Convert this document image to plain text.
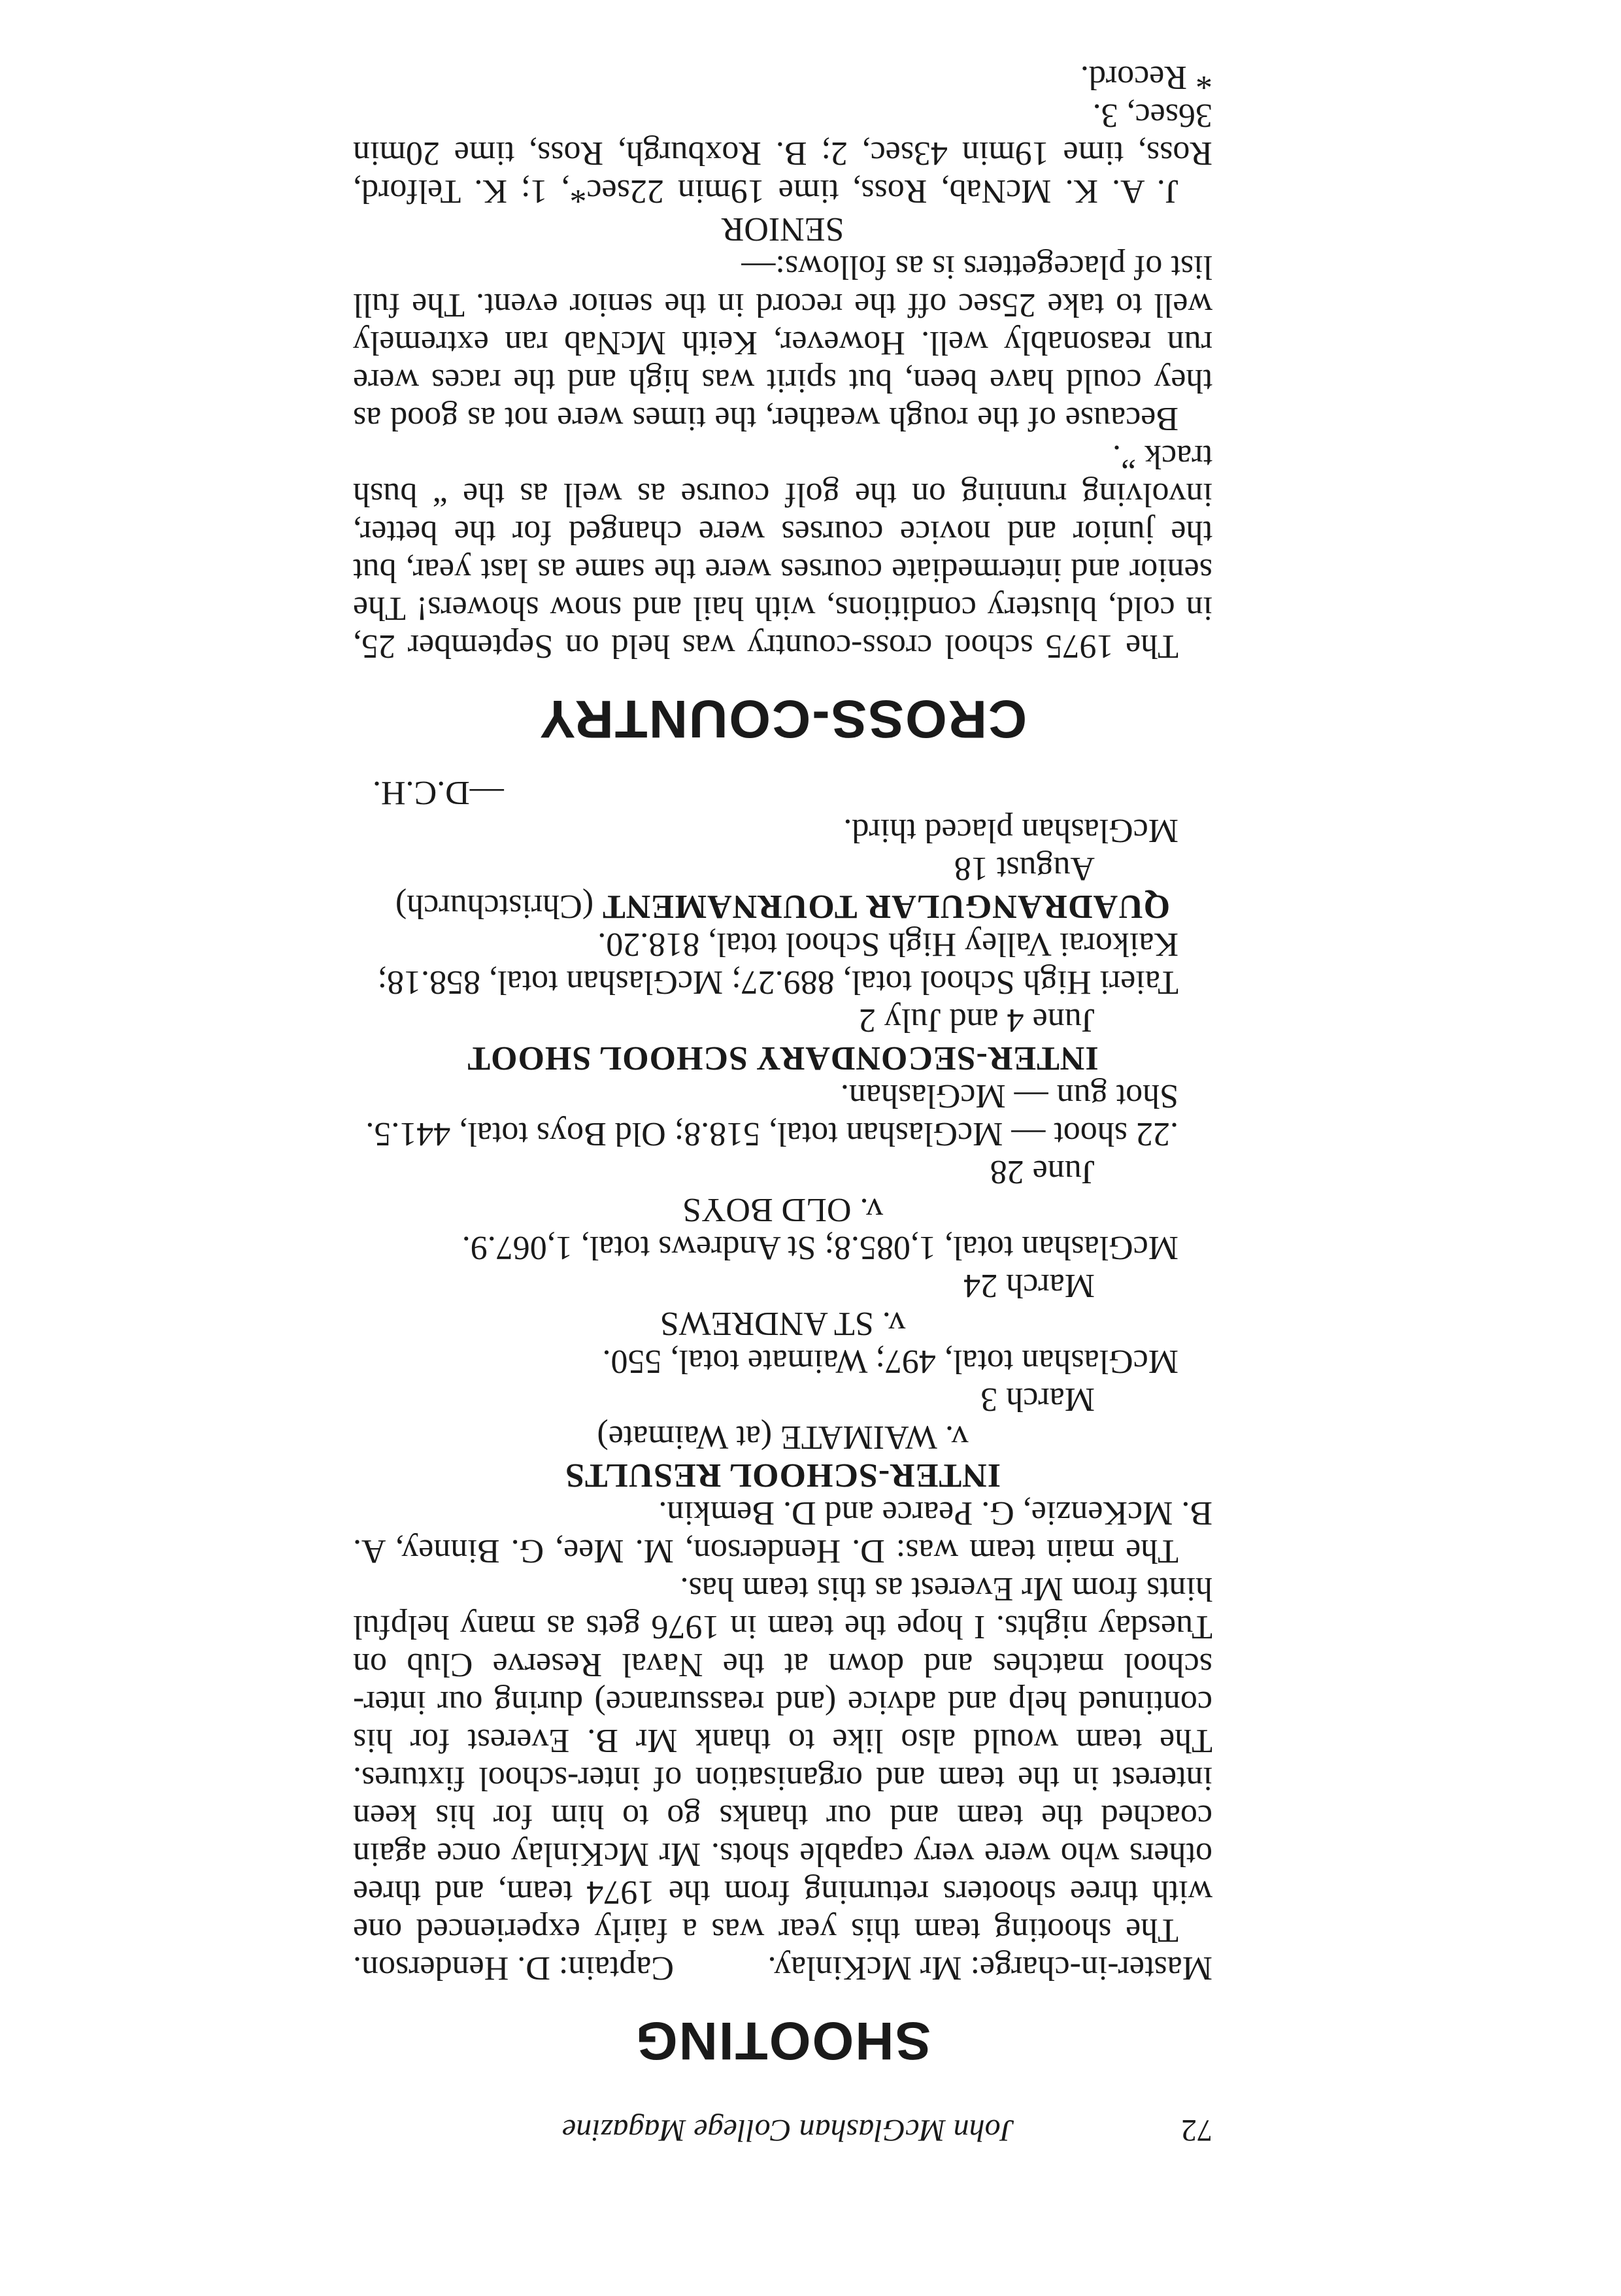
72
John McGlashan College Magazine
SHOOTING
Master-in-charge: Mr McKinlay.
Captain: D. Henderson.

The shooting team this year was a fairly experienced one with three shooters returning from the 1974 team, and three others who were very capable shots. Mr McKinlay once again coached the team and our thanks go to him for his keen interest in the team and organisation of inter-school fixtures. The team would also like to thank Mr B. Everest for his continued help and advice (and reassurance) during our inter-school matches and down at the Naval Reserve Club on Tuesday nights. I hope the team in 1976 gets as many helpful hints from Mr Everest as this team has.

The main team was: D. Henderson, M. Mee, G. Binney, A. B. McKenzie, G. Pearce and D. Bemkin.

INTER-SCHOOL RESULTS
v. WAIMATE (at Waimate)
March 3
McGlashan total, 497; Waimate total, 550.
v. ST ANDREWS
March 24
McGlashan total, 1,085.8; St Andrews total, 1,067.9.
v. OLD BOYS
June 28
.22 shoot — McGlashan total, 518.8; Old Boys total, 441.5.
Shot gun — McGlashan.
INTER-SECONDARY SCHOOL SHOOT
June 4 and July 2
Taieri High School total, 889.27; McGlashan total, 858.18;
Kaikorai Valley High School total, 818.20.
QUADRANGULAR TOURNAMENT (Christchurch)
August 18
McGlashan placed third.
—D.C.H.
CROSS-COUNTRY

The 1975 school cross-country was held on September 25, in cold, blustery conditions, with hail and snow showers! The senior and intermediate courses were the same as last year, but the junior and novice courses were changed for the better, involving running on the golf course as well as the “ bush track ”.

Because of the rough weather, the times were not as good as they could have been, but spirit was high and the races were run reasonably well. However, Keith McNab ran extremely well to take 25sec off the record in the senior event. The full list of placegetters is as follows:—

SENIOR

J. A. K. McNab, Ross, time 19min 22sec*, 1; K. Telford, Ross, time 19min 43sec, 2; B. Roxburgh, Ross, time 20min 36sec, 3.

* Record.
